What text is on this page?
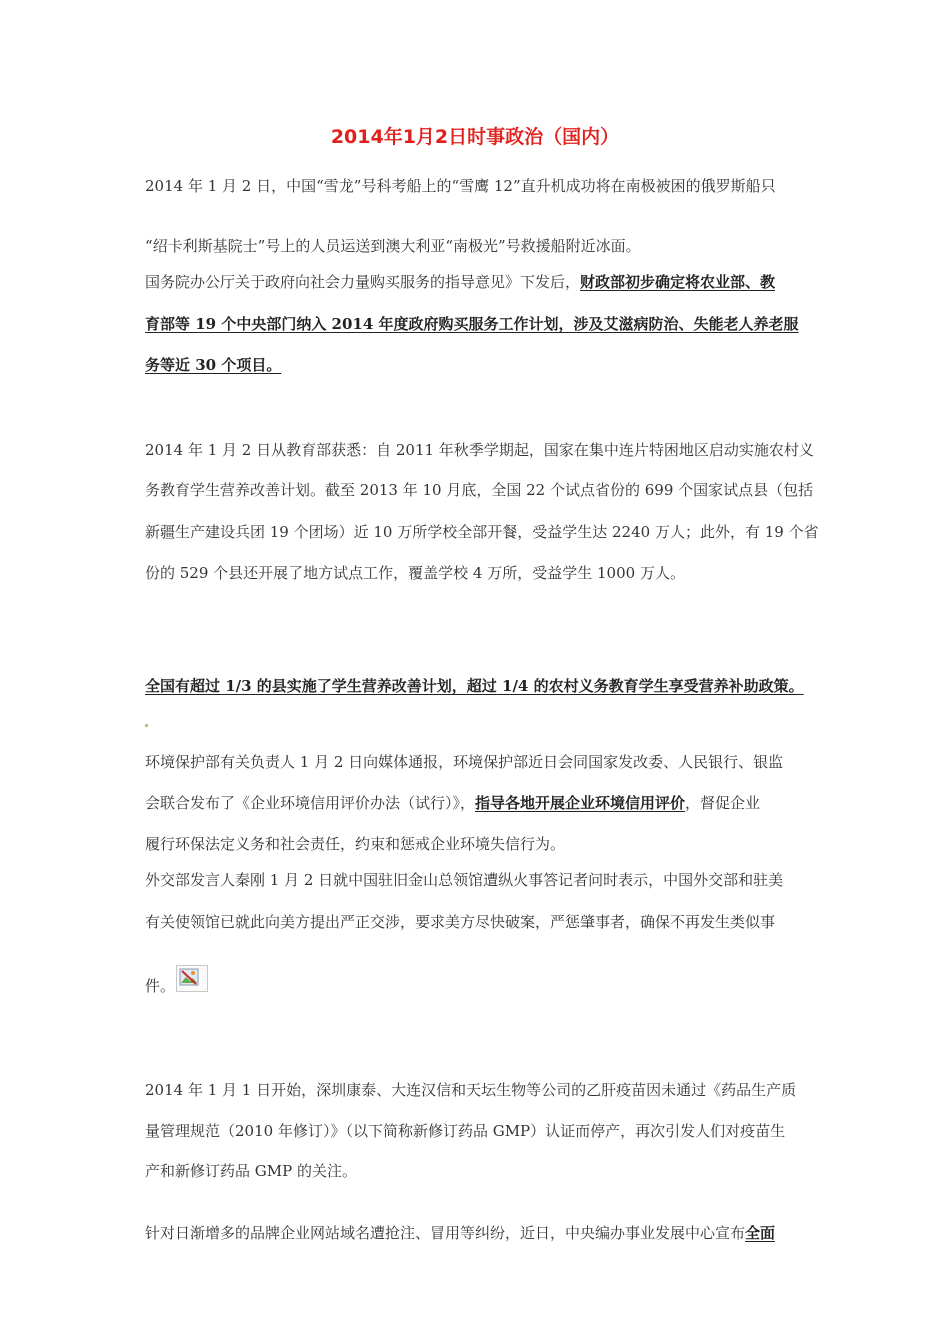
2014年1月2日时事政治（国内）
2014 年 1 月 2 日，中国“雪龙”号科考船上的“雪鹰 12”直升机成功将在南极被困的俄罗斯船只
“绍卡利斯基院士”号上的人员运送到澳大利亚“南极光”号救援船附近冰面。
国务院办公厅关于政府向社会力量购买服务的指导意见》下发后，财政部初步确定将农业部、教
育部等 19 个中央部门纳入 2014 年度政府购买服务工作计划，涉及艾滋病防治、失能老人养老服
务等近 30 个项目。
2014 年 1 月 2 日从教育部获悉：自 2011 年秋季学期起，国家在集中连片特困地区启动实施农村义
务教育学生营养改善计划。截至 2013 年 10 月底，全国 22 个试点省份的 699 个国家试点县（包括
新疆生产建设兵团 19 个团场）近 10 万所学校全部开餐，受益学生达 2240 万人；此外，有 19 个省
份的 529 个县还开展了地方试点工作，覆盖学校 4 万所，受益学生 1000 万人。
全国有超过 1/3 的县实施了学生营养改善计划，超过 1/4 的农村义务教育学生享受营养补助政策。
环境保护部有关负责人 1 月 2 日向媒体通报，环境保护部近日会同国家发改委、人民银行、银监
会联合发布了《企业环境信用评价办法（试行）》，指导各地开展企业环境信用评价，督促企业
履行环保法定义务和社会责任，约束和惩戒企业环境失信行为。
外交部发言人秦刚 1 月 2 日就中国驻旧金山总领馆遭纵火事答记者问时表示，中国外交部和驻美
有关使领馆已就此向美方提出严正交涉，要求美方尽快破案，严惩肇事者，确保不再发生类似事
件。
2014 年 1 月 1 日开始，深圳康泰、大连汉信和天坛生物等公司的乙肝疫苗因未通过《药品生产质
量管理规范（2010 年修订）》（以下简称新修订药品 GMP）认证而停产，再次引发人们对疫苗生
产和新修订药品 GMP 的关注。
针对日渐增多的品牌企业网站域名遭抢注、冒用等纠纷，近日，中央编办事业发展中心宣布全面
